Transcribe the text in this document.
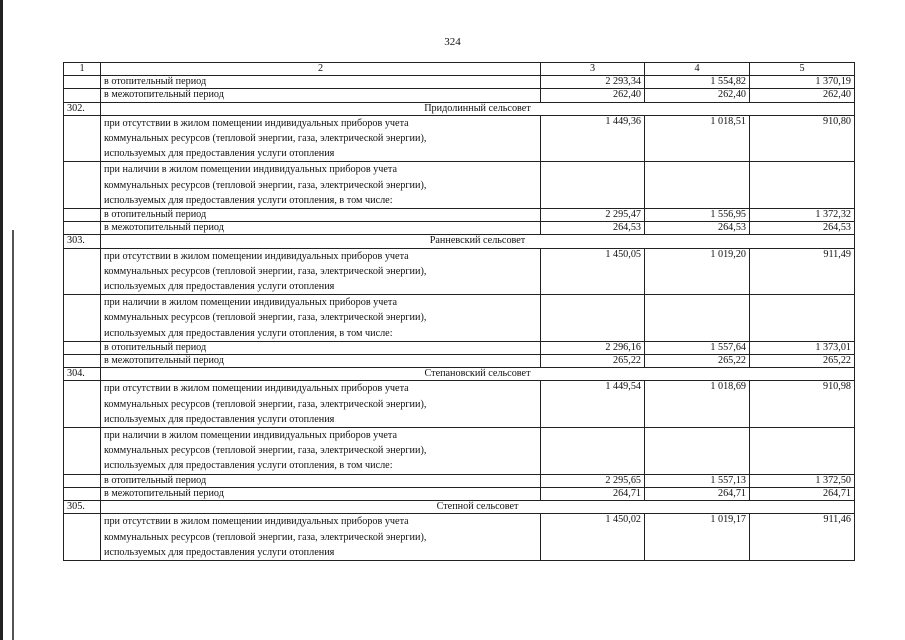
324
1	2	3	4	5
	в отопительный период	2 293,34	1 554,82	1 370,19
	в межотопительный период	262,40	262,40	262,40
302.	Придолинный сельсовет			

	при отсутствии в жилом помещении индивидуальных приборов учета
коммунальных ресурсов (тепловой энергии, газа, электрической энергии),
используемых для предоставления услуги отопления	1 449,36	1 018,51	910,80

	при наличии в жилом помещении индивидуальных приборов учета
коммунальных ресурсов (тепловой энергии, газа, электрической энергии),
используемых для предоставления услуги отопления, в том числе:			

	в отопительный период	2 295,47	1 556,95	1 372,32
	в межотопительный период	264,53	264,53	264,53
303.	Ранневский сельсовет			

	при отсутствии в жилом помещении индивидуальных приборов учета
коммунальных ресурсов (тепловой энергии, газа, электрической энергии),
используемых для предоставления услуги отопления	1 450,05	1 019,20	911,49

	при наличии в жилом помещении индивидуальных приборов учета
коммунальных ресурсов (тепловой энергии, газа, электрической энергии),
используемых для предоставления услуги отопления, в том числе:			

	в отопительный период	2 296,16	1 557,64	1 373,01
	в межотопительный период	265,22	265,22	265,22
304.	Степановский сельсовет			

	при отсутствии в жилом помещении индивидуальных приборов учета
коммунальных ресурсов (тепловой энергии, газа, электрической энергии),
используемых для предоставления услуги отопления	1 449,54	1 018,69	910,98

	при наличии в жилом помещении индивидуальных приборов учета
коммунальных ресурсов (тепловой энергии, газа, электрической энергии),
используемых для предоставления услуги отопления, в том числе:			

	в отопительный период	2 295,65	1 557,13	1 372,50
	в межотопительный период	264,71	264,71	264,71
305.	Степной сельсовет			

	при отсутствии в жилом помещении индивидуальных приборов учета
коммунальных ресурсов (тепловой энергии, газа, электрической энергии),
используемых для предоставления услуги отопления	1 450,02	1 019,17	911,46
